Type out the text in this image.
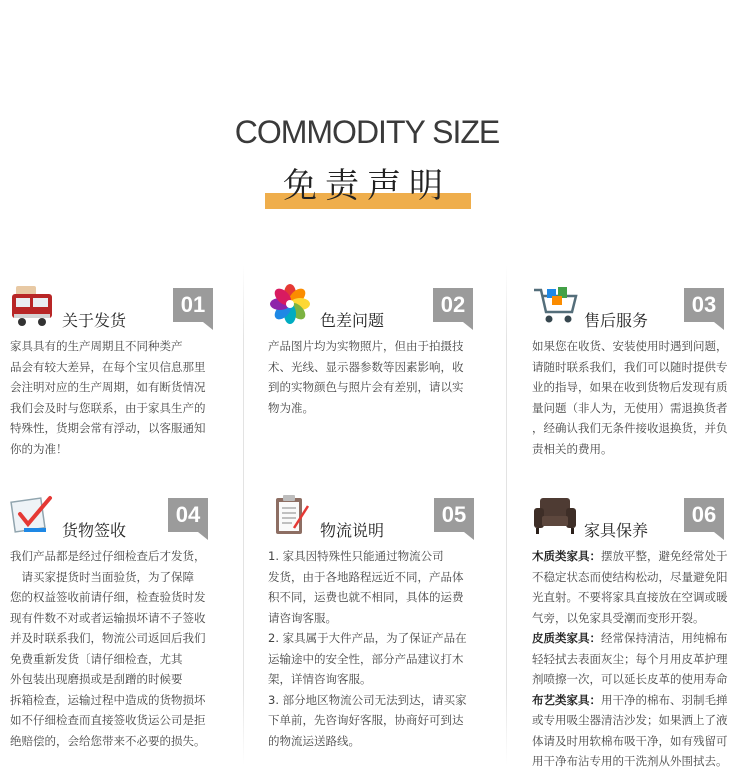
COMMODITY SIZE
免责声明
关于发货
01

家具具有的生产周期且不同种类产

品会有较大差异，在每个宝贝信息那里

会注明对应的生产周期，如有断货情况

我们会及时与您联系，由于家具生产的

特殊性，货期会常有浮动，以客服通知

你的为准！

色差问题
02

产品图片均为实物照片，但由于拍摄技

术、光线、显示器参数等因素影响，收

到的实物颜色与照片会有差别，请以实

物为准。

售后服务
03

如果您在收货、安装使用时遇到问题，

请随时联系我们，我们可以随时提供专

业的指导，如果在收到货物后发现有质

量问题（非人为，无使用）需退换货者

，经确认我们无条件接收退换货，并负

责相关的费用。

货物签收
04

我们产品都是经过仔细检查后才发货，

　请买家提货时当面验货，为了保障

您的权益签收前请仔细，检查验货时发

现有件数不对或者运输损坏请不子签收

并及时联系我们，物流公司返回后我们

免费重新发货〔请仔细检查，尤其

外包装出现磨损或是刮蹭的时候要

拆箱检查，运输过程中造成的货物损坏

如不仔细检查而直接签收货运公司是拒

绝赔偿的，会给您带来不必要的损失。

物流说明
05

1. 家具因特殊性只能通过物流公司

发货，由于各地路程远近不同，产品体

积不同，运费也就不相同，具体的运费

请咨询客服。

2. 家具属于大件产品，为了保证产品在

运输途中的安全性，部分产品建议打木

架，详情咨询客服。

3. 部分地区物流公司无法到达，请买家

下单前，先咨询好客服，协商好可到达

的物流运送路线。

家具保养
06

木质类家具：摆放平整，避免经常处于

不稳定状态而使结构松动，尽量避免阳

光直射。不要将家具直接放在空调或暖

气旁，以免家具受潮而变形开裂。

皮质类家具：经常保持清洁，用纯棉布

轻轻拭去表面灰尘；每个月用皮革护理

剂喷擦一次，可以延长皮革的使用寿命

布艺类家具：用干净的棉布、羽制毛掸

或专用吸尘器清洁沙发；如果洒上了液

体请及时用软棉布吸干净，如有残留可

用干净布沾专用的干洗剂从外围拭去。
